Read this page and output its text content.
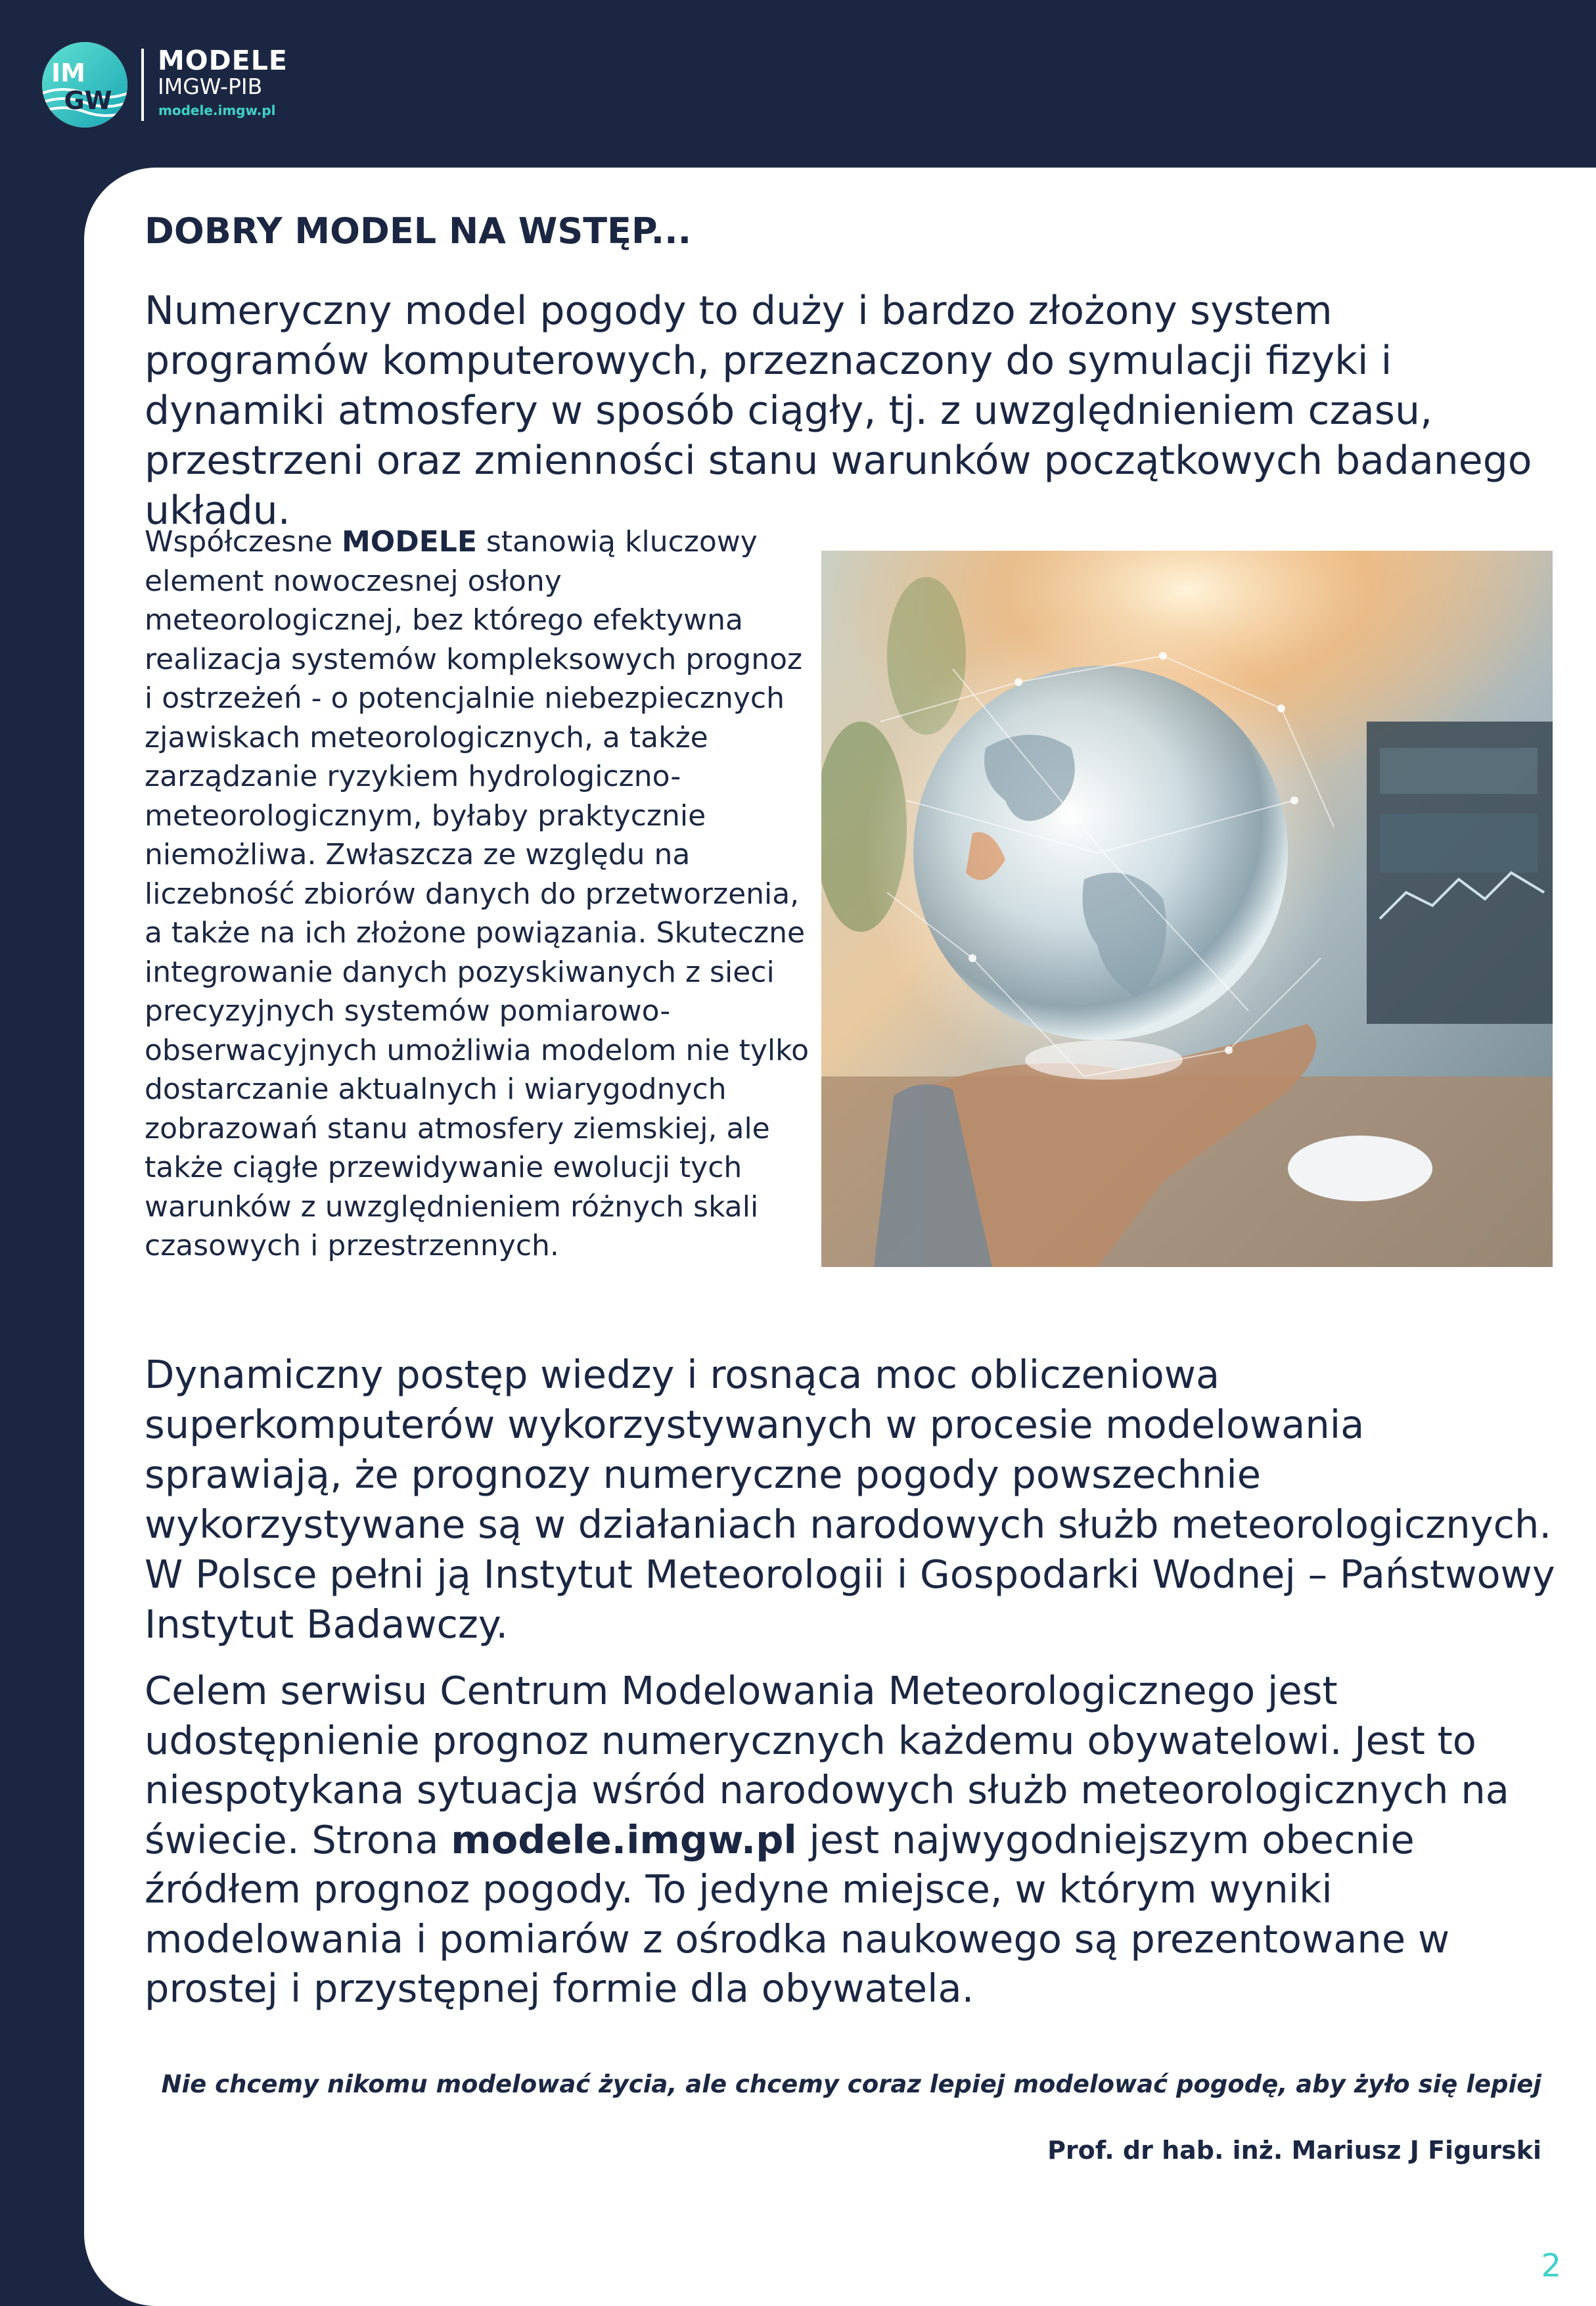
IM
GW
MODELE
IMGW-PIB
modele.imgw.pl
DOBRY MODEL NA WSTĘP...

Numeryczny model pogody to duży i bardzo złożony system programów komputerowych, przeznaczony do symulacji fizyki i dynamiki atmosfery w sposób ciągły, tj. z uwzględnieniem czasu, przestrzeni oraz zmienności stanu warunków początkowych badanego układu.

Współczesne MODELE stanowią kluczowy element nowoczesnej osłony meteorologicznej, bez którego efektywna realizacja systemów kompleksowych prognoz i ostrzeżeń - o potencjalnie niebezpiecznych zjawiskach meteorologicznych, a także zarządzanie ryzykiem hydrologiczno-meteorologicznym, byłaby praktycznie niemożliwa. Zwłaszcza ze względu na liczebność zbiorów danych do przetworzenia, a także na ich złożone powiązania. Skuteczne integrowanie danych pozyskiwanych z sieci precyzyjnych systemów pomiarowo-obserwacyjnych umożliwia modelom nie tylko dostarczanie aktualnych i wiarygodnych zobrazowań stanu atmosfery ziemskiej, ale także ciągłe przewidywanie ewolucji tych warunków z uwzględnieniem różnych skali czasowych i przestrzennych.

Dynamiczny postęp wiedzy i rosnąca moc obliczeniowa superkomputerów wykorzystywanych w procesie modelowania sprawiają, że prognozy numeryczne pogody powszechnie wykorzystywane są w działaniach narodowych służb meteorologicznych. W Polsce pełni ją Instytut Meteorologii i Gospodarki Wodnej – Państwowy Instytut Badawczy.

Celem serwisu Centrum Modelowania Meteorologicznego jest udostępnienie prognoz numerycznych każdemu obywatelowi. Jest to niespotykana sytuacja wśród narodowych służb meteorologicznych na świecie. Strona modele.imgw.pl jest najwygodniejszym obecnie źródłem prognoz pogody. To jedyne miejsce, w którym wyniki modelowania i pomiarów z ośrodka naukowego są prezentowane w prostej i przystępnej formie dla obywatela.

Nie chcemy nikomu modelować życia, ale chcemy coraz lepiej modelować pogodę, aby żyło się lepiej

Prof. dr hab. inż. Mariusz J Figurski

2
